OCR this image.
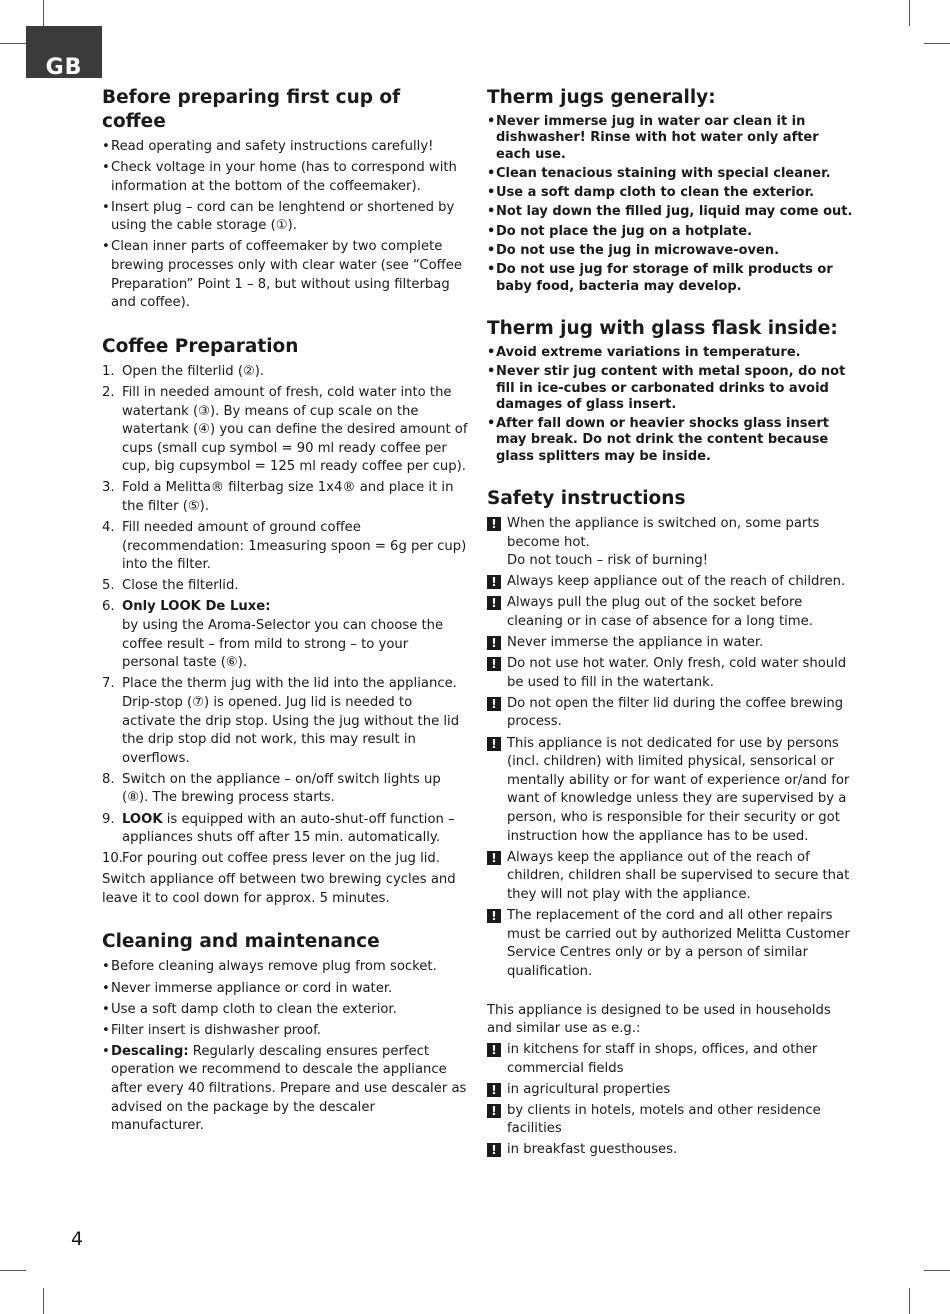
GB
Before preparing first cup of coffee
• Read operating and safety instructions carefully!
• Check voltage in your home (has to correspond with information at the bottom of the coffeemaker).
• Insert plug – cord can be lenghtend or shortened by using the cable storage (①).
• Clean inner parts of coffeemaker by two complete brewing processes only with clear water (see “Coffee Preparation” Point 1 – 8, but without using filterbag and coffee).
Coffee Preparation
1. Open the filterlid (②).
2. Fill in needed amount of fresh, cold water into the watertank (③). By means of cup scale on the watertank (④) you can define the desired amount of cups (small cup symbol = 90 ml ready coffee per cup, big cupsymbol = 125 ml ready coffee per cup).
3. Fold a Melitta® filterbag size 1x4® and place it in the filter (⑤).
4. Fill needed amount of ground coffee (recommendation: 1measuring spoon = 6g per cup) into the filter.
5. Close the filterlid.
6. Only LOOK De Luxe:
by using the Aroma-Selector you can choose the coffee result – from mild to strong – to your personal taste (⑥).
7. Place the therm jug with the lid into the appliance. Drip-stop (⑦) is opened. Jug lid is needed to activate the drip stop. Using the jug without the lid the drip stop did not work, this may result in overflows.
8. Switch on the appliance – on/off switch lights up (⑧). The brewing process starts.
9. LOOK is equipped with an auto-shut-off function – appliances shuts off after 15 min. automatically.
10. For pouring out coffee press lever on the jug lid.
Switch appliance off between two brewing cycles and leave it to cool down for approx. 5 minutes.
Cleaning and maintenance
• Before cleaning always remove plug from socket.
• Never immerse appliance or cord in water.
• Use a soft damp cloth to clean the exterior.
• Filter insert is dishwasher proof.
• Descaling: Regularly descaling ensures perfect operation we recommend to descale the appliance after every 40 filtrations. Prepare and use descaler as advised on the package by the descaler manufacturer.
Therm jugs generally:
• Never immerse jug in water oar clean it in dishwasher! Rinse with hot water only after each use.
• Clean tenacious staining with special cleaner.
• Use a soft damp cloth to clean the exterior.
• Not lay down the filled jug, liquid may come out.
• Do not place the jug on a hotplate.
• Do not use the jug in microwave-oven.
• Do not use jug for storage of milk products or baby food, bacteria may develop.
Therm jug with glass flask inside:
• Avoid extreme variations in temperature.
• Never stir jug content with metal spoon, do not fill in ice-cubes or carbonated drinks to avoid damages of glass insert.
• After fall down or heavier shocks glass insert may break. Do not drink the content because glass splitters may be inside.
Safety instructions
! When the appliance is switched on, some parts become hot.
Do not touch – risk of burning!
! Always keep appliance out of the reach of children.
! Always pull the plug out of the socket before cleaning or in case of absence for a long time.
! Never immerse the appliance in water.
! Do not use hot water. Only fresh, cold water should be used to fill in the watertank.
! Do not open the filter lid during the coffee brewing process.
! This appliance is not dedicated for use by persons (incl. children) with limited physical, sensorical or mentally ability or for want of experience or/and for want of knowledge unless they are supervised by a person, who is responsible for their security or got instruction how the appliance has to be used.
! Always keep the appliance out of the reach of children, children shall be supervised to secure that they will not play with the appliance.
! The replacement of the cord and all other repairs must be carried out by authorized Melitta Customer Service Centres only or by a person of similar qualification.
This appliance is designed to be used in households and similar use as e.g.:
! in kitchens for staff in shops, offices, and other commercial fields
! in agricultural properties
! by clients in hotels, motels and other residence facilities
! in breakfast guesthouses.
4
